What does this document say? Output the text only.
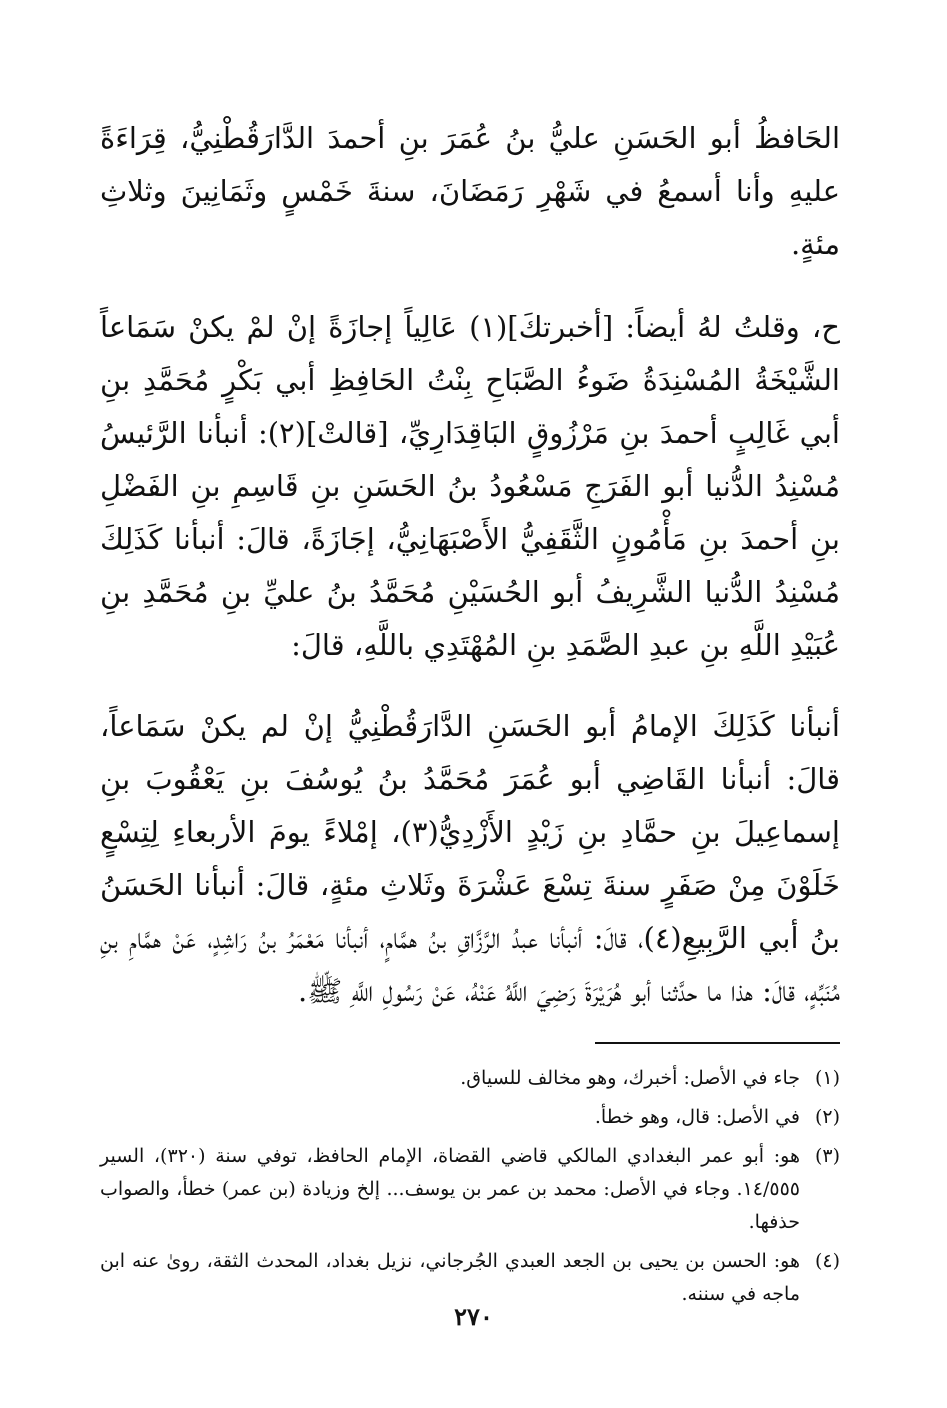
الحَافظُ أبو الحَسَنِ عليُّ بنُ عُمَرَ بنِ أحمدَ الدَّارَقُطْنِيُّ، قِرَاءَةً عليهِ وأنا أسمعُ في شَهْرِ رَمَضَانَ، سنةَ خَمْسٍ وثَمَانِينَ وثلاثِ مئةٍ.

ح، وقلتُ لهُ أيضاً: [أخبرتكَ](١) عَالِياً إجازَةً إنْ لمْ يكنْ سَمَاعاً الشَّيْخَةُ المُسْنِدَةُ ضَوءُ الصَّبَاحِ بِنْتُ الحَافِظِ أبي بَكْرٍ مُحَمَّدِ بنِ أبي غَالِبٍ أحمدَ بنِ مَرْزُوقٍ البَاقِدَارِيِّ، [قالتْ](٢): أنبأنا الرَّئيسُ مُسْنِدُ الدُّنيا أبو الفَرَجِ مَسْعُودُ بنُ الحَسَنِ بنِ قَاسِمِ بنِ الفَضْلِ بنِ أحمدَ بنِ مَأْمُونٍ الثَّقَفِيُّ الأَصْبَهَانِيُّ، إجَازَةً، قالَ: أنبأنا كَذَلِكَ مُسْنِدُ الدُّنيا الشَّرِيفُ أبو الحُسَيْنِ مُحَمَّدُ بنُ عليِّ بنِ مُحَمَّدِ بنِ عُبَيْدِ اللَّهِ بنِ عبدِ الصَّمَدِ بنِ المُهْتَدِي باللَّهِ، قالَ:

أنبأنا كَذَلِكَ الإمامُ أبو الحَسَنِ الدَّارَقُطْنِيُّ إنْ لم يكنْ سَمَاعاً، قالَ: أنبأنا القَاضِي أبو عُمَرَ مُحَمَّدُ بنُ يُوسُفَ بنِ يَعْقُوبَ بنِ إسماعِيلَ بنِ حمَّادِ بنِ زَيْدٍ الأَزْدِيُّ(٣)، إمْلاءً يومَ الأربعاءِ لِتِسْعٍ خَلَوْنَ مِنْ صَفَرٍ سنةَ تِسْعَ عَشْرَةَ وثَلاثِ مئةٍ، قالَ: أنبأنا الحَسَنُ بنُ أبي الرَّبِيعِ(٤)، قالَ: أنبأنا عبدُ الرَّزَّاقِ بنُ همَّامٍ، أنبأنا مَعْمَرُ بنُ رَاشِدٍ، عَنْ همَّامِ بنِ مُنَبِّهٍ، قالَ: هذا ما حدَّثنا أبو هُرَيْرَةَ رَضِيَ اللَّهُ عَنْهُ، عَنْ رَسُولِ اللَّهِ ﷺ.

(١)
جاء في الأصل: أخبرك، وهو مخالف للسياق.
(٢)
في الأصل: قال، وهو خطأ.
(٣)
هو: أبو عمر البغدادي المالكي قاضي القضاة، الإمام الحافظ، توفي سنة (٣٢٠)، السير ١٤/٥٥٥. وجاء في الأصل: محمد بن عمر بن يوسف... إلخ وزيادة (بن عمر) خطأ، والصواب حذفها.
(٤)
هو: الحسن بن يحيى بن الجعد العبدي الجُرجاني، نزيل بغداد، المحدث الثقة، روىٰ عنه ابن ماجه في سننه.
٢٧٠
